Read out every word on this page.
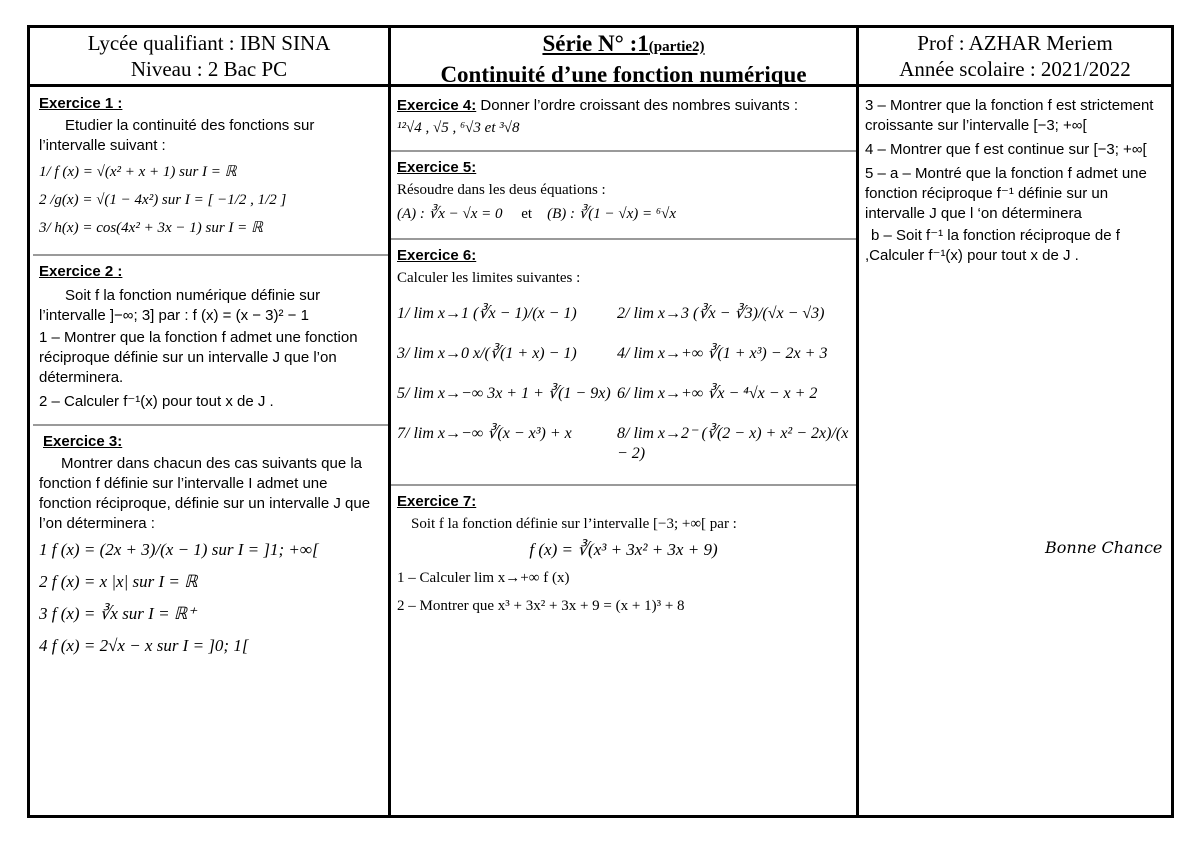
Lycée qualifiant : IBN SINA
Niveau : 2 Bac PC
Série N° :1(partie2)
Continuité d’une fonction numérique
Prof : AZHAR Meriem
Année scolaire : 2021/2022
Exercice 1 :
Etudier la continuité des fonctions sur l’intervalle suivant :
1/ f (x) = √(x² + x + 1) sur I = ℝ
2 /g(x) = √(1 − 4x²) sur I = [ −1/2 , 1/2 ]
3/ h(x) = cos(4x² + 3x − 1) sur I = ℝ
Exercice 2 :
Soit f la fonction numérique définie sur l’intervalle ]−∞; 3] par : f (x) = (x − 3)² − 1
1 – Montrer que la fonction f admet une fonction réciproque définie sur un intervalle J que l’on déterminera.
2 – Calculer f⁻¹(x) pour tout x de J .
Exercice 3:
Montrer dans chacun des cas suivants que la fonction f définie sur l’intervalle I admet une fonction réciproque, définie sur un intervalle J que l’on déterminera :
1 f (x) = (2x + 3)/(x − 1) sur I = ]1; +∞[
2 f (x) = x |x| sur I = ℝ
3 f (x) = ∛x sur I = ℝ⁺
4 f (x) = 2√x − x sur I = ]0; 1[
Exercice 4: Donner l’ordre croissant des nombres suivants :
¹²√4 , √5 , ⁶√3 et ³√8
Exercice 5:
Résoudre dans les deus équations :
(A) : ∛x − √x = 0 et (B) : ∛(1 − √x) = ⁶√x
Exercice 6:
Calculer les limites suivantes :
1/ lim x→1 (∛x − 1)/(x − 1)	2/ lim x→3 (∛x − ∛3)/(√x − √3)
3/ lim x→0 x/(∛(1 + x) − 1)	4/ lim x→+∞ ∛(1 + x³) − 2x + 3
5/ lim x→−∞ 3x + 1 + ∛(1 − 9x) 6/ lim x→+∞ ∛x − ⁴√x − x + 2
7/ lim x→−∞ ∛(x − x³) + x	8/ lim x→2⁻ (∛(2 − x) + x² − 2x)/(x − 2)
Exercice 7:
Soit f la fonction définie sur l’intervalle [−3; +∞[ par :
f (x) = ∛(x³ + 3x² + 3x + 9)
1 – Calculer lim x→+∞ f (x)
2 – Montrer que x³ + 3x² + 3x + 9 = (x + 1)³ + 8
3 – Montrer que la fonction f est strictement croissante sur l’intervalle [−3; +∞[
4 – Montrer que f est continue sur [−3; +∞[
5 – a – Montré que la fonction f admet une fonction réciproque f⁻¹ définie sur un intervalle J que l ‘on déterminera
b – Soit f⁻¹ la fonction réciproque de f ,Calculer f⁻¹(x) pour tout x de J .
Bonne Chance
